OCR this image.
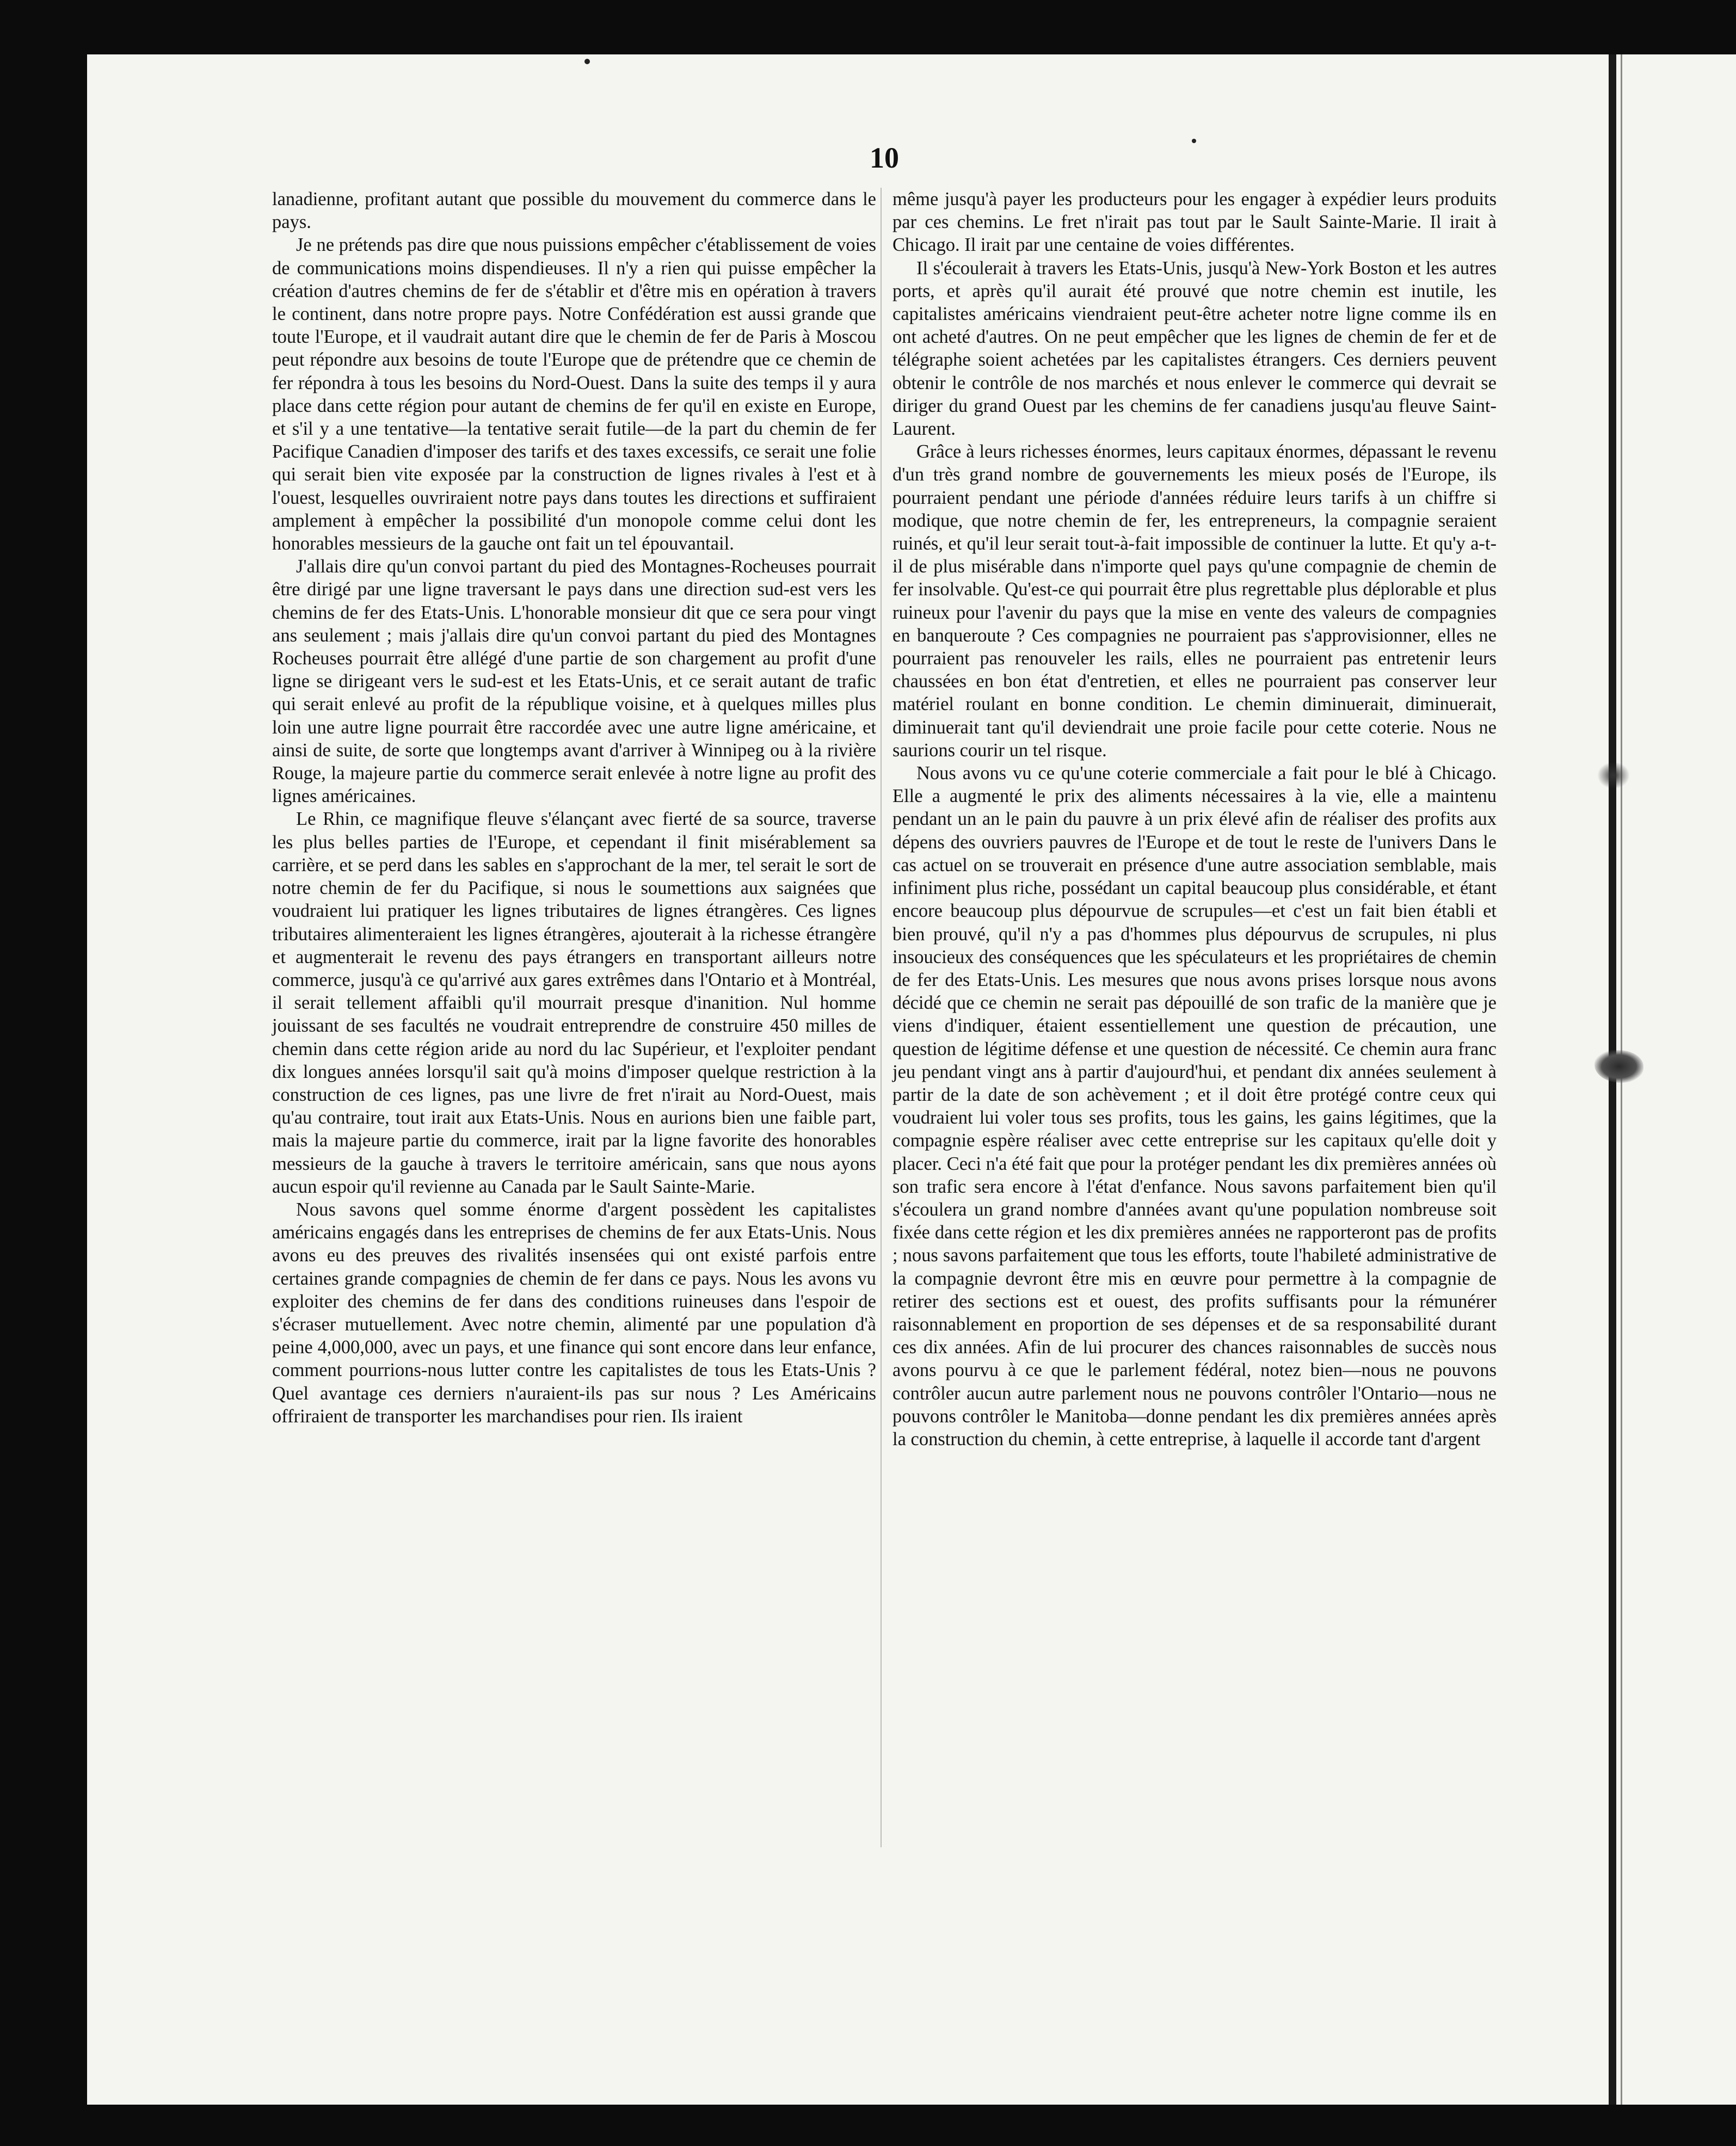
10

lanadienne, profitant autant que possible du mouvement du commerce dans le pays.

Je ne prétends pas dire que nous puissions empêcher c'établissement de voies de communications moins dispendieuses. Il n'y a rien qui puisse empêcher la création d'autres chemins de fer de s'établir et d'être mis en opération à travers le continent, dans notre propre pays. Notre Confédération est aussi grande que toute l'Europe, et il vaudrait autant dire que le chemin de fer de Paris à Moscou peut répondre aux besoins de toute l'Europe que de prétendre que ce chemin de fer répondra à tous les besoins du Nord-Ouest. Dans la suite des temps il y aura place dans cette région pour autant de chemins de fer qu'il en existe en Europe, et s'il y a une tentative—la tentative serait futile—de la part du chemin de fer Pacifique Canadien d'imposer des tarifs et des taxes excessifs, ce serait une folie qui serait bien vite exposée par la construction de lignes rivales à l'est et à l'ouest, lesquelles ouvriraient notre pays dans toutes les directions et suffiraient amplement à empêcher la possibilité d'un monopole comme celui dont les honorables messieurs de la gauche ont fait un tel épouvantail.

J'allais dire qu'un convoi partant du pied des Montagnes-Rocheuses pourrait être dirigé par une ligne traversant le pays dans une direction sud-est vers les chemins de fer des Etats-Unis. L'honorable monsieur dit que ce sera pour vingt ans seulement ; mais j'allais dire qu'un convoi partant du pied des Montagnes Rocheuses pourrait être allégé d'une partie de son chargement au profit d'une ligne se dirigeant vers le sud-est et les Etats-Unis, et ce serait autant de trafic qui serait enlevé au profit de la république voisine, et à quelques milles plus loin une autre ligne pourrait être raccordée avec une autre ligne américaine, et ainsi de suite, de sorte que longtemps avant d'arriver à Winnipeg ou à la rivière Rouge, la majeure partie du commerce serait enlevée à notre ligne au profit des lignes américaines.

Le Rhin, ce magnifique fleuve s'élançant avec fierté de sa source, traverse les plus belles parties de l'Europe, et cependant il finit misérablement sa carrière, et se perd dans les sables en s'approchant de la mer, tel serait le sort de notre chemin de fer du Pacifique, si nous le soumettions aux saignées que voudraient lui pratiquer les lignes tributaires de lignes étrangères. Ces lignes tributaires alimenteraient les lignes étrangères, ajouterait à la richesse étrangère et augmenterait le revenu des pays étrangers en transportant ailleurs notre commerce, jusqu'à ce qu'arrivé aux gares extrêmes dans l'Ontario et à Montréal, il serait tellement affaibli qu'il mourrait presque d'inanition. Nul homme jouissant de ses facultés ne voudrait entreprendre de construire 450 milles de chemin dans cette région aride au nord du lac Supérieur, et l'exploiter pendant dix longues années lorsqu'il sait qu'à moins d'imposer quelque restriction à la construction de ces lignes, pas une livre de fret n'irait au Nord-Ouest, mais qu'au contraire, tout irait aux Etats-Unis. Nous en aurions bien une faible part, mais la majeure partie du commerce, irait par la ligne favorite des honorables messieurs de la gauche à travers le territoire américain, sans que nous ayons aucun espoir qu'il revienne au Canada par le Sault Sainte-Marie.

Nous savons quel somme énorme d'argent possèdent les capitalistes américains engagés dans les entreprises de chemins de fer aux Etats-Unis. Nous avons eu des preuves des rivalités insensées qui ont existé parfois entre certaines grande compagnies de chemin de fer dans ce pays. Nous les avons vu exploiter des chemins de fer dans des conditions ruineuses dans l'espoir de s'écraser mutuellement. Avec notre chemin, alimenté par une population d'à peine 4,000,000, avec un pays, et une finance qui sont encore dans leur enfance, comment pourrions-nous lutter contre les capitalistes de tous les Etats-Unis ? Quel avantage ces derniers n'auraient-ils pas sur nous ? Les Américains offriraient de transporter les marchandises pour rien. Ils iraient

même jusqu'à payer les producteurs pour les engager à expédier leurs produits par ces chemins. Le fret n'irait pas tout par le Sault Sainte-Marie. Il irait à Chicago. Il irait par une centaine de voies différentes.

Il s'écoulerait à travers les Etats-Unis, jusqu'à New-York Boston et les autres ports, et après qu'il aurait été prouvé que notre chemin est inutile, les capitalistes américains viendraient peut-être acheter notre ligne comme ils en ont acheté d'autres. On ne peut empêcher que les lignes de chemin de fer et de télégraphe soient achetées par les capitalistes étrangers. Ces derniers peuvent obtenir le contrôle de nos marchés et nous enlever le commerce qui devrait se diriger du grand Ouest par les chemins de fer canadiens jusqu'au fleuve Saint-Laurent.

Grâce à leurs richesses énormes, leurs capitaux énormes, dépassant le revenu d'un très grand nombre de gouvernements les mieux posés de l'Europe, ils pourraient pendant une période d'années réduire leurs tarifs à un chiffre si modique, que notre chemin de fer, les entrepreneurs, la compagnie seraient ruinés, et qu'il leur serait tout-à-fait impossible de continuer la lutte. Et qu'y a-t-il de plus misérable dans n'importe quel pays qu'une compagnie de chemin de fer insolvable. Qu'est-ce qui pourrait être plus regrettable plus déplorable et plus ruineux pour l'avenir du pays que la mise en vente des valeurs de compagnies en banqueroute ? Ces compagnies ne pourraient pas s'approvisionner, elles ne pourraient pas renouveler les rails, elles ne pourraient pas entretenir leurs chaussées en bon état d'entretien, et elles ne pourraient pas conserver leur matériel roulant en bonne condition. Le chemin diminuerait, diminuerait, diminuerait tant qu'il deviendrait une proie facile pour cette coterie. Nous ne saurions courir un tel risque.

Nous avons vu ce qu'une coterie commerciale a fait pour le blé à Chicago. Elle a augmenté le prix des aliments nécessaires à la vie, elle a maintenu pendant un an le pain du pauvre à un prix élevé afin de réaliser des profits aux dépens des ouvriers pauvres de l'Europe et de tout le reste de l'univers Dans le cas actuel on se trouverait en présence d'une autre association semblable, mais infiniment plus riche, possédant un capital beaucoup plus considérable, et étant encore beaucoup plus dépourvue de scrupules—et c'est un fait bien établi et bien prouvé, qu'il n'y a pas d'hommes plus dépourvus de scrupules, ni plus insoucieux des conséquences que les spéculateurs et les propriétaires de chemin de fer des Etats-Unis. Les mesures que nous avons prises lorsque nous avons décidé que ce chemin ne serait pas dépouillé de son trafic de la manière que je viens d'indiquer, étaient essentiellement une question de précaution, une question de légitime défense et une question de nécessité. Ce chemin aura franc jeu pendant vingt ans à partir d'aujourd'hui, et pendant dix années seulement à partir de la date de son achèvement ; et il doit être protégé contre ceux qui voudraient lui voler tous ses profits, tous les gains, les gains légitimes, que la compagnie espère réaliser avec cette entreprise sur les capitaux qu'elle doit y placer. Ceci n'a été fait que pour la protéger pendant les dix premières années où son trafic sera encore à l'état d'enfance. Nous savons parfaitement bien qu'il s'écoulera un grand nombre d'années avant qu'une population nombreuse soit fixée dans cette région et les dix premières années ne rapporteront pas de profits ; nous savons parfaitement que tous les efforts, toute l'habileté administrative de la compagnie devront être mis en œuvre pour permettre à la compagnie de retirer des sections est et ouest, des profits suffisants pour la rémunérer raisonnablement en proportion de ses dépenses et de sa responsabilité durant ces dix années. Afin de lui procurer des chances raisonnables de succès nous avons pourvu à ce que le parlement fédéral, notez bien—nous ne pouvons contrôler aucun autre parlement nous ne pouvons contrôler l'Ontario—nous ne pouvons contrôler le Manitoba—donne pendant les dix premières années après la construction du chemin, à cette entreprise, à laquelle il accorde tant d'argent
